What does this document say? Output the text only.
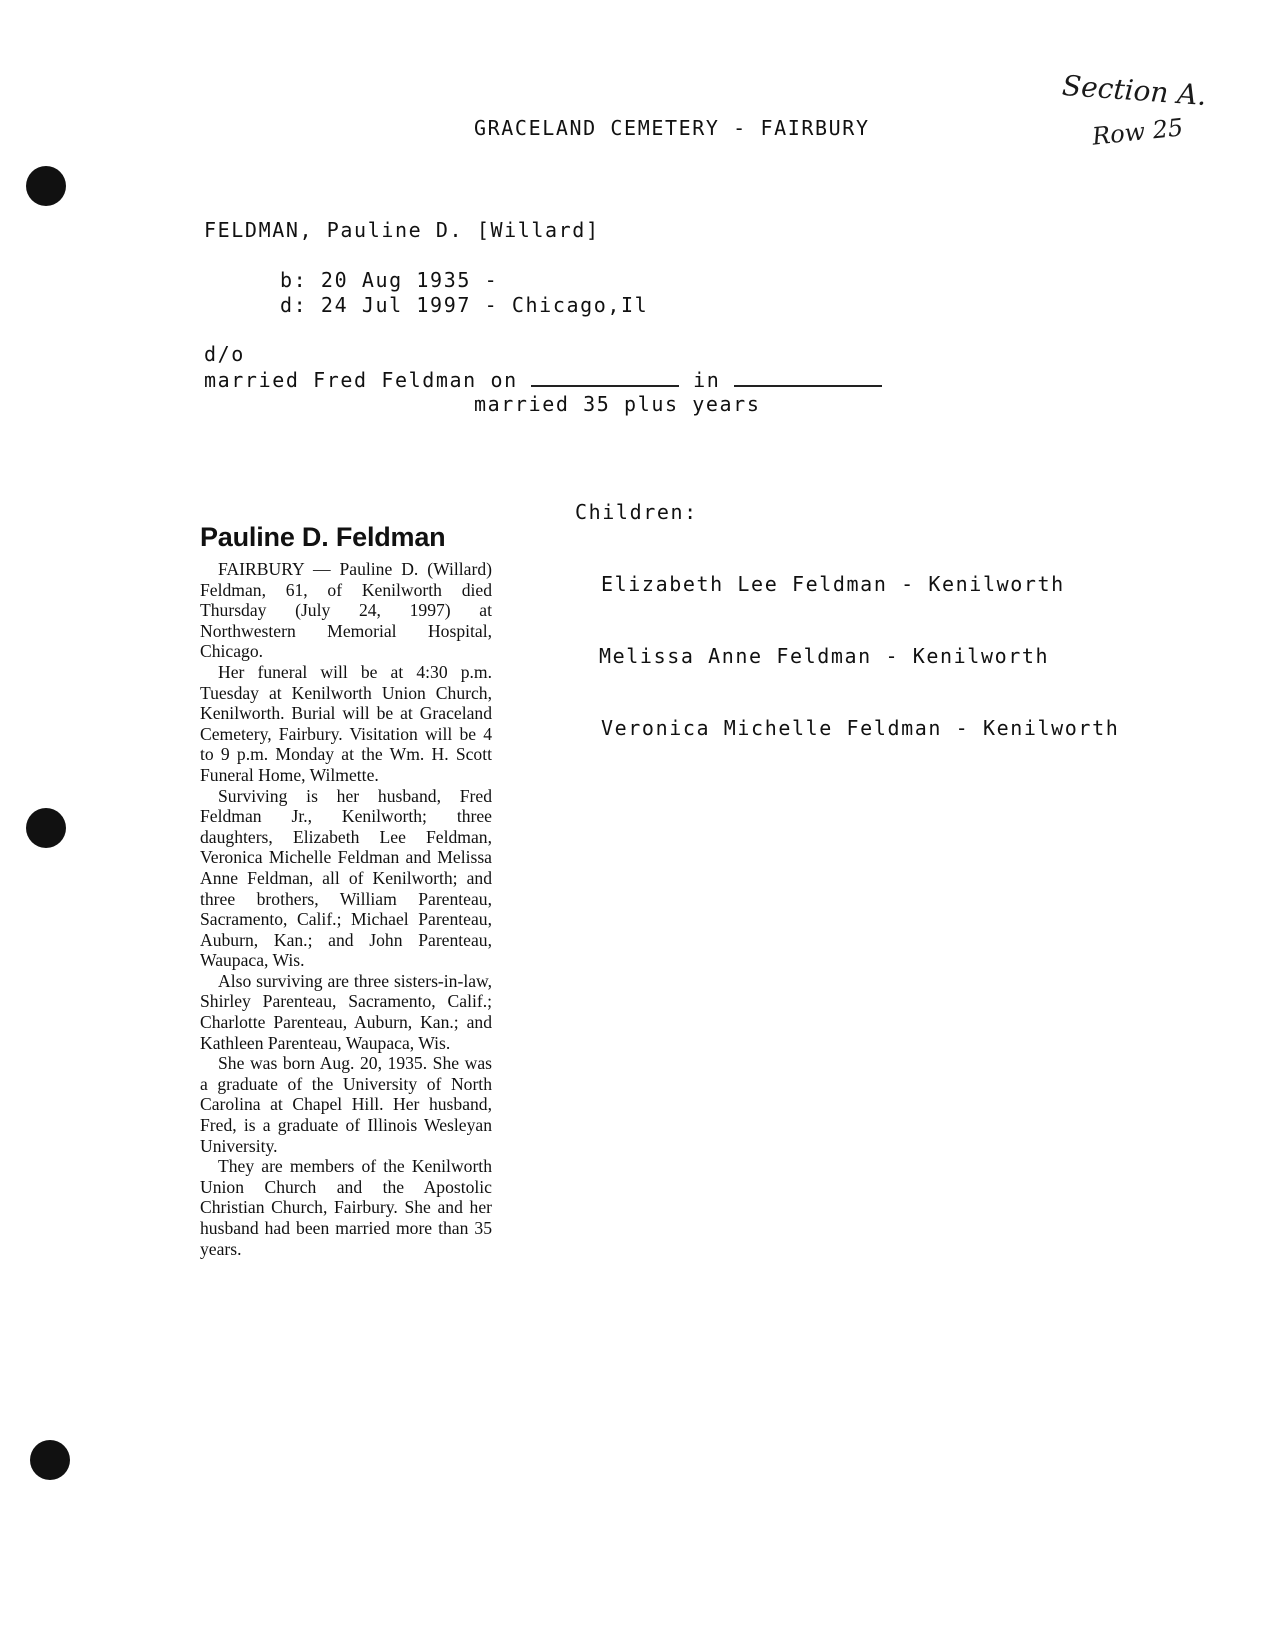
Section A.
Row 25
GRACELAND CEMETERY - FAIRBURY
FELDMAN, Pauline D. [Willard]
b: 20 Aug 1935 -
d: 24 Jul 1997 - Chicago,Il
d/o
married Fred Feldman on	in
married 35 plus years

Children:

Elizabeth Lee Feldman - Kenilworth

Melissa Anne Feldman - Kenilworth

Veronica Michelle Feldman - Kenilworth

Pauline D. Feldman

FAIRBURY — Pauline D. (Willard) Feldman, 61, of Kenilworth died Thursday (July 24, 1997) at Northwestern Memorial Hospital, Chicago.

Her funeral will be at 4:30 p.m. Tuesday at Kenilworth Union Church, Kenilworth. Burial will be at Graceland Cemetery, Fairbury. Visitation will be 4 to 9 p.m. Monday at the Wm. H. Scott Funeral Home, Wilmette.

Surviving is her husband, Fred Feldman Jr., Kenilworth; three daughters, Elizabeth Lee Feldman, Veronica Michelle Feldman and Melissa Anne Feldman, all of Kenilworth; and three brothers, William Parenteau, Sacramento, Calif.; Michael Parenteau, Auburn, Kan.; and John Parenteau, Waupaca, Wis.

Also surviving are three sisters-in-law, Shirley Parenteau, Sacramento, Calif.; Charlotte Parenteau, Auburn, Kan.; and Kathleen Parenteau, Waupaca, Wis.

She was born Aug. 20, 1935. She was a graduate of the University of North Carolina at Chapel Hill. Her husband, Fred, is a graduate of Illinois Wesleyan University.

They are members of the Kenilworth Union Church and the Apostolic Christian Church, Fairbury. She and her husband had been married more than 35 years.
